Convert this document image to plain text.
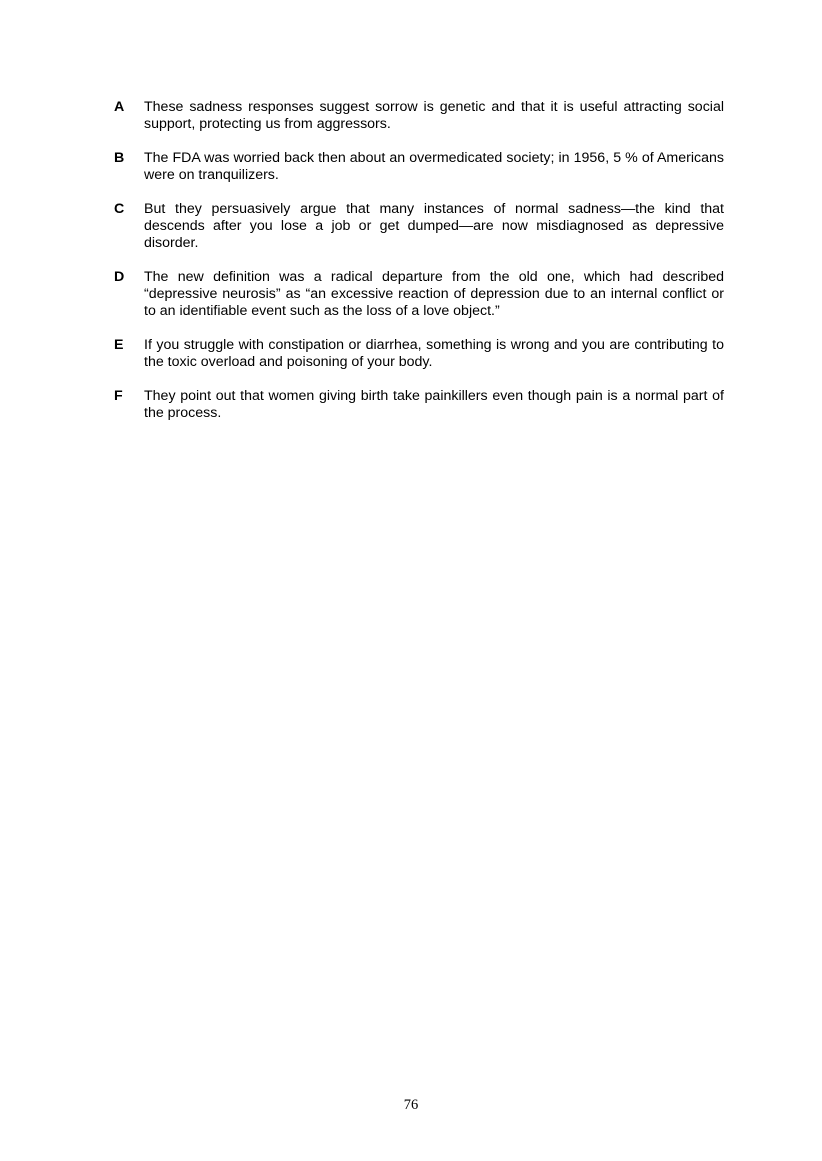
A	These sadness responses suggest sorrow is genetic and that it is useful attracting social support, protecting us from aggressors.
B	The FDA was worried back then about an overmedicated society; in 1956, 5 % of Americans were on tranquilizers.
C	But they persuasively argue that many instances of normal sadness—the kind that descends after you lose a job or get dumped—are now misdiagnosed as depressive disorder.
D	The new definition was a radical departure from the old one, which had described “depressive neurosis” as “an excessive reaction of depression due to an internal conflict or to an identifiable event such as the loss of a love object.”
E	If you struggle with constipation or diarrhea, something is wrong and you are contributing to the toxic overload and poisoning of your body.
F	They point out that women giving birth take painkillers even though pain is a normal part of the process.
76
